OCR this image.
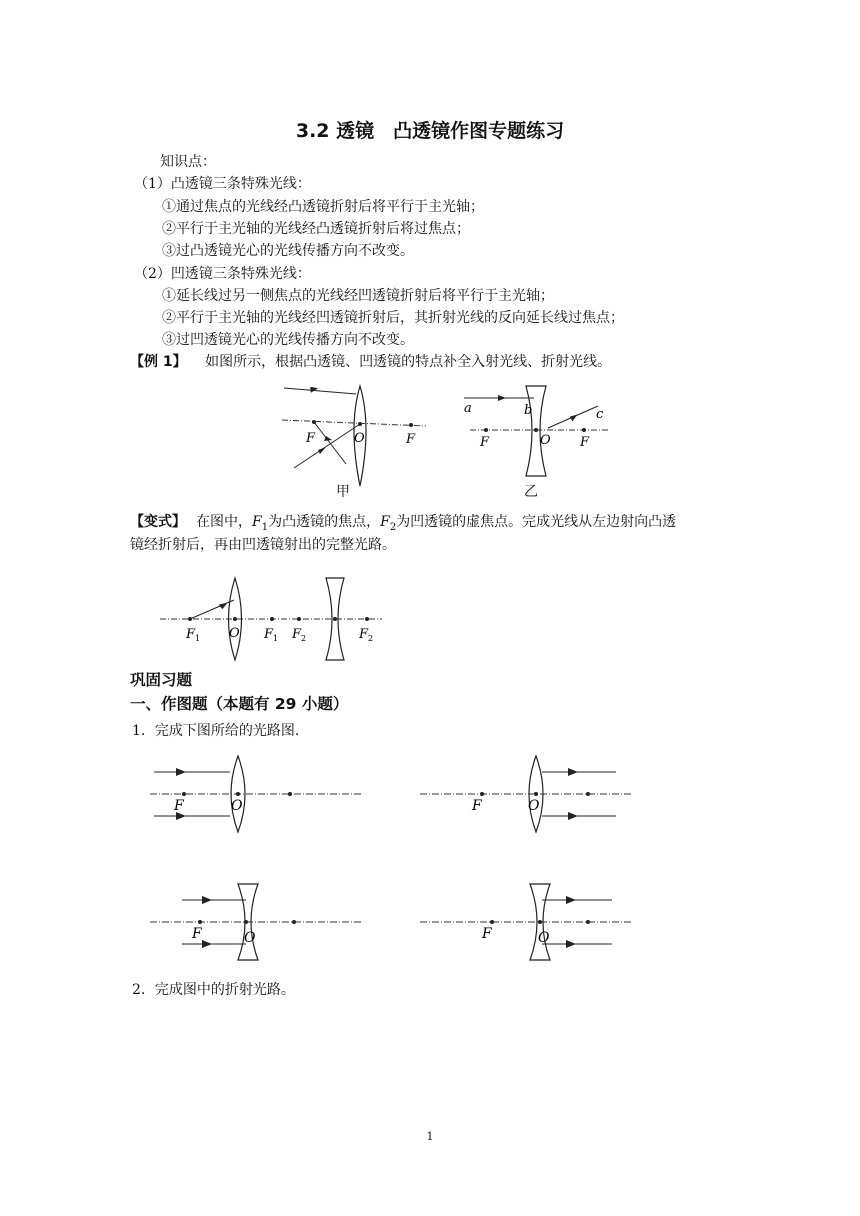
3.2 透镜　凸透镜作图专题练习
知识点：
（1）凸透镜三条特殊光线：
①通过焦点的光线经凸透镜折射后将平行于主光轴；
②平行于主光轴的光线经凸透镜折射后将过焦点；
③过凸透镜光心的光线传播方向不改变。
（2）凹透镜三条特殊光线：
①延长线过另一侧焦点的光线经凹透镜折射后将平行于主光轴；
②平行于主光轴的光线经凹透镜折射后，其折射光线的反向延长线过焦点；
③过凹透镜光心的光线传播方向不改变。
【例 1】 如图所示，根据凸透镜、凹透镜的特点补全入射光线、折射光线。
F	O	F
甲
a	b	c
F	O F
乙
【变式】 在图中，$F_1$为凸透镜的焦点，$F_2$为凹透镜的虚焦点。完成光线从左边射向凸透
镜经折射后，再由凹透镜射出的完整光路。
F 1 O F 1 F 2	F 2
巩固习题
一、作图题（本题有 29 小题）
1．完成下图所给的光路图.
F	O	F	O
F	O	F	O
2．完成图中的折射光路。
1
